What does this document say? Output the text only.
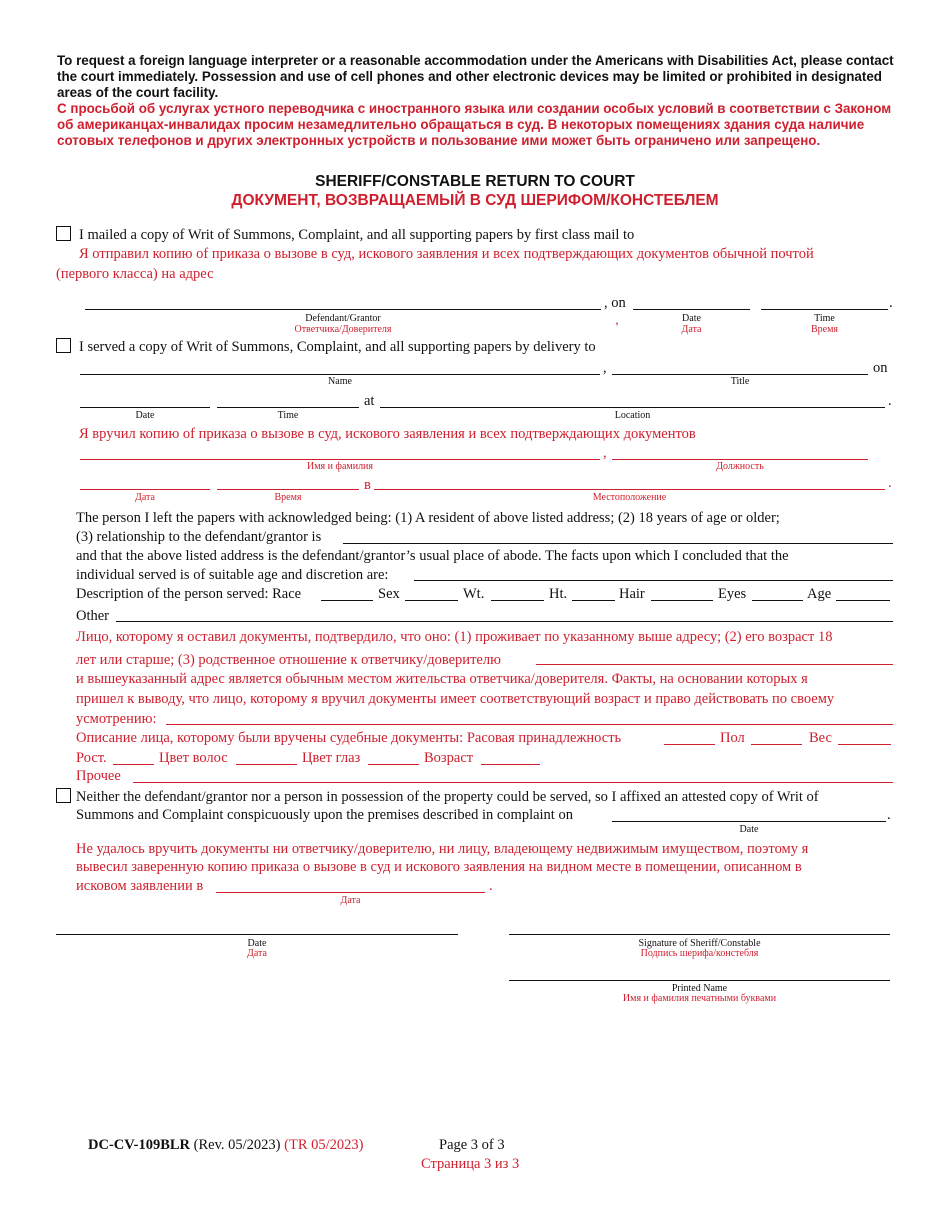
To request a foreign language interpreter or a reasonable accommodation under the Americans with Disabilities Act, please contact the court immediately. Possession and use of cell phones and other electronic devices may be limited or prohibited in designated areas of the court facility.
С просьбой об услугах устного переводчика с иностранного языка или создании особых условий в соответствии с Законом об американцах-инвалидах просим незамедлительно обращаться в суд. В некоторых помещениях здания суда наличие сотовых телефонов и других электронных устройств и пользование ими может быть ограничено или запрещено.
SHERIFF/CONSTABLE RETURN TO COURT
ДОКУМЕНТ, ВОЗВРАЩАЕМЫЙ В СУД ШЕРИФОМ/КОНСТЕБЛЕМ
I mailed a copy of Writ of Summons, Complaint, and all supporting papers by first class mail to
Я отправил копию of приказа о вызове в суд, искового заявления и всех подтверждающих документов обычной почтой
(первого класса) на адрес
, on	.
Defendant/Grantor
Ответчика/Доверителя
,	Date
Дата
Time
Время
I served a copy of Writ of Summons, Complaint, and all supporting papers by delivery to
,	on
Name	Title
at	.
Date	Time	Location
Я вручил копию of приказа о вызове в суд, искового заявления и всех подтверждающих документов
,
Имя и фамилия	Должность
в	.
Дата	Время	Местоположение
The person I left the papers with acknowledged being: (1) A resident of above listed address; (2) 18 years of age or older;
(3) relationship to the defendant/grantor is
and that the above listed address is the defendant/grantor’s usual place of abode. The facts upon which I concluded that the
individual served is of suitable age and discretion are:
Description of the person served: Race	Sex	Wt.	Ht.	Hair	Eyes	Age
Other
Лицо, которому я оставил документы, подтвердило, что оно: (1) проживает по указанному выше адресу; (2) его возраст 18
лет или старше; (3) родственное отношение к ответчику/доверителю
и вышеуказанный адрес является обычным местом жительства ответчика/доверителя. Факты, на основании которых я
пришел к выводу, что лицо, которому я вручил документы имеет соответствующий возраст и право действовать по своему
усмотрению:
Описание лица, которому были вручены судебные документы: Расовая принадлежность	Пол	Вес
Рост.	Цвет волос	Цвет глаз	Возраст
Прочее
Neither the defendant/grantor nor a person in possession of the property could be served, so I affixed an attested copy of Writ of
Summons and Complaint conspicuously upon the premises described in complaint on	.
Date
Не удалось вручить документы ни ответчику/доверителю, ни лицу, владеющему недвижимым имуществом, поэтому я
вывесил заверенную копию приказа о вызове в суд и искового заявления на видном месте в помещении, описанном в
исковом заявлении в	.
Дата
Date
Дата
Signature of Sheriff/Constable
Подпись шерифа/констебля
Printed Name
Имя и фамилия печатными буквами
DC-CV-109BLR (Rev. 05/2023) (TR 05/2023)	Page 3 of 3
Страница 3 из 3
